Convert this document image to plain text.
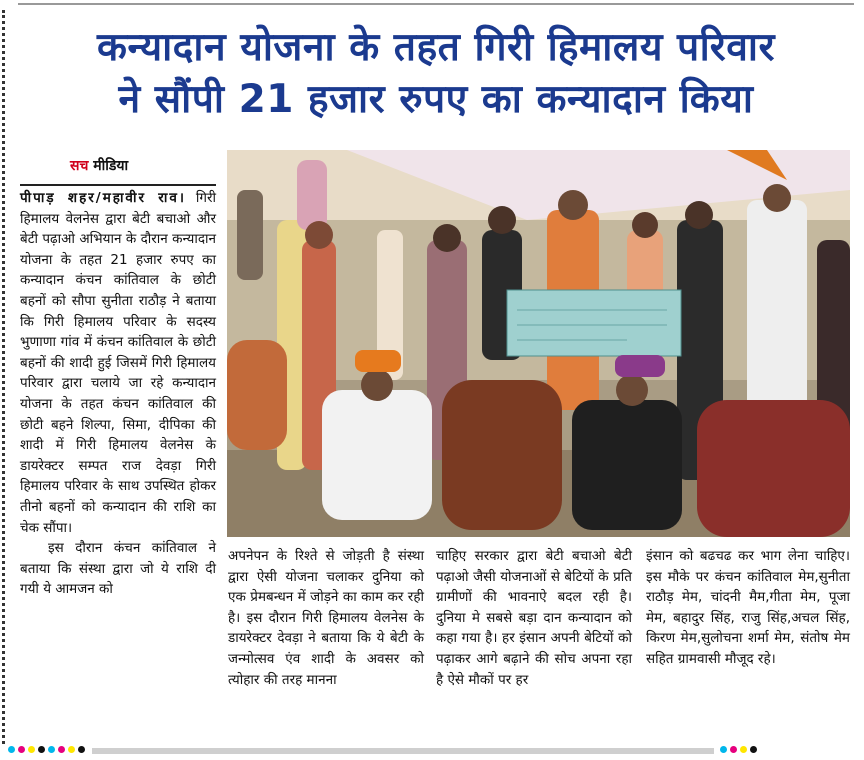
कन्यादान योजना के तहत गिरी हिमालय परिवार
ने सौंपी 21 हजार रुपए का कन्यादान किया
सच मीडिया

पीपाड़ शहर/महावीर राव। गिरी हिमालय वेलनेस द्वारा बेटी बचाओ और बेटी पढ़ाओ अभियान के दौरान कन्यादान योजना के तहत 21 हजार रुपए का कन्यादान कंचन कांतिवाल के छोटी बहनों को सौपा सुनीता राठौड़ ने बताया कि गिरी हिमालय परिवार के सदस्य भुणाणा गांव में कंचन कांतिवाल के छोटी बहनों की शादी हुई जिसमें गिरी हिमालय परिवार द्वारा चलाये जा रहे कन्यादान योजना के तहत कंचन कांतिवाल की छोटी बहने शिल्पा, सिमा, दीपिका की शादी में गिरी हिमालय वेलनेस के डायरेक्टर सम्पत राज देवड़ा गिरी हिमालय परिवार के साथ उपस्थित होकर तीनो बहनों को कन्यादान की राशि का चेक सौंपा।

इस दौरान कंचन कांतिवाल ने बताया कि संस्था द्वारा जो ये राशि दी गयी ये आमजन को

अपनेपन के रिश्ते से जोड़ती है संस्था द्वारा ऐसी योजना चलाकर दुनिया को एक प्रेमबन्धन में जोड़ने का काम कर रही है। इस दौरान गिरी हिमालय वेलनेस के डायरेक्टर देवड़ा ने बताया कि ये बेटी के जन्मोत्सव एंव शादी के अवसर को त्योहार की तरह मानना

चाहिए सरकार द्वारा बेटी बचाओ बेटी पढ़ाओ जैसी योजनाओं से बेटियों के प्रति ग्रामीणों की भावनाऐ बदल रही है। दुनिया मे सबसे बड़ा दान कन्यादान को कहा गया है। हर इंसान अपनी बेटियों को पढ़ाकर आगे बढ़ाने की सोच अपना रहा है ऐसे मौकों पर हर

इंसान को बढचढ कर भाग लेना चाहिए।इस मौके पर कंचन कांतिवाल मेम,सुनीता राठौड़ मेम, चांदनी मैम,गीता मेम, पूजा मेम, बहादुर सिंह, राजु सिंह,अचल सिंह, किरण मेम,सुलोचना शर्मा मेम, संतोष मेम सहित ग्रामवासी मौजूद रहे।
